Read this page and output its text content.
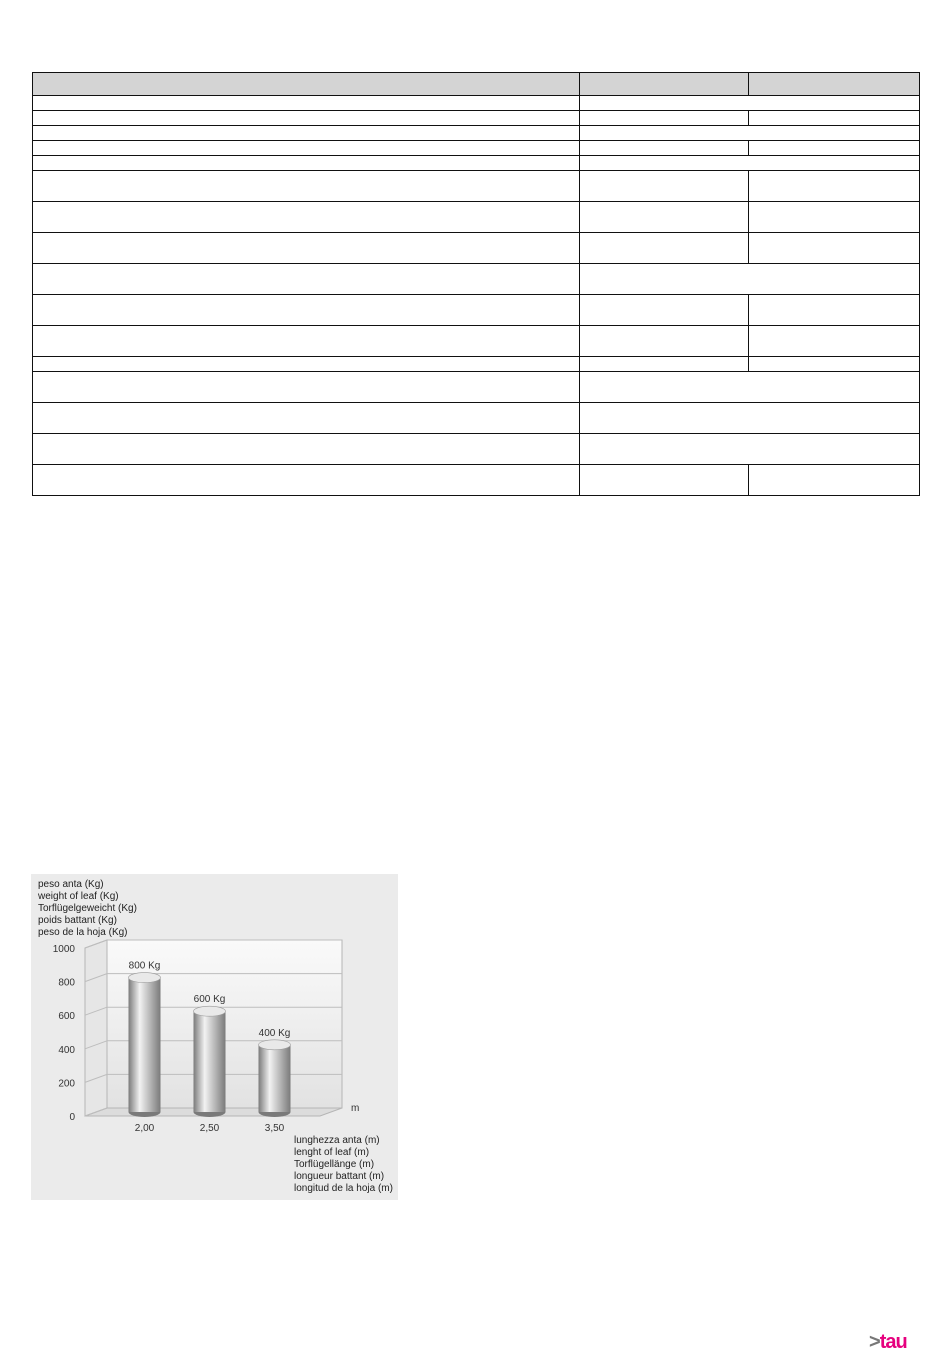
peso anta (Kg)
weight of leaf (Kg)
Torflügelgeweicht (Kg)
poids battant (Kg)
peso de la hoja (Kg)
0
200
400
600
800
1000
800 Kg
2,00
600 Kg
2,50
400 Kg
3,50
m
lunghezza anta (m)
lenght of leaf (m)
Torflügellänge (m)
longueur battant (m)
longitud de la hoja (m)
>tau
